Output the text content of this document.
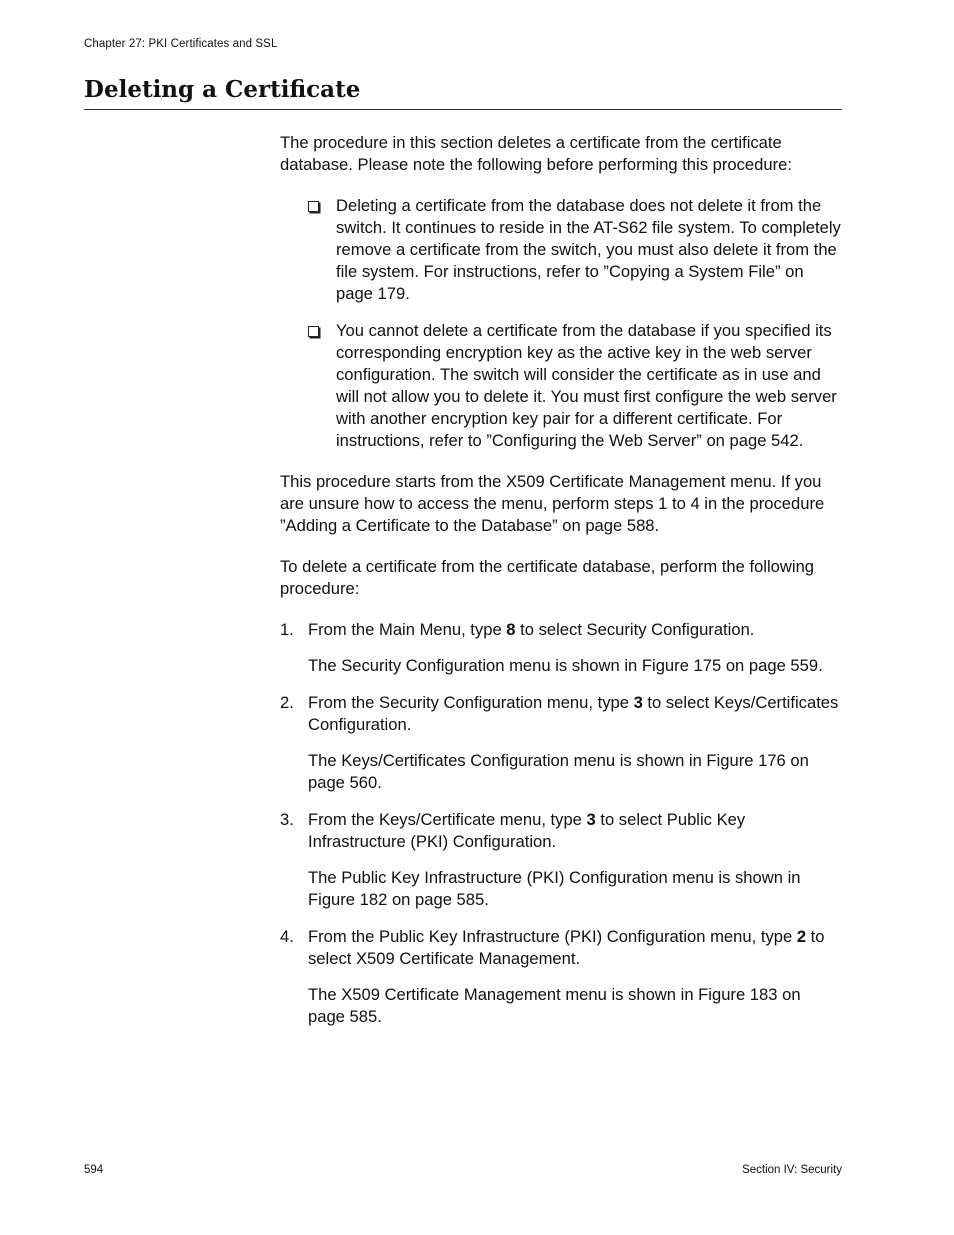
Chapter 27: PKI Certificates and SSL
Deleting a Certificate

The procedure in this section deletes a certificate from the certificate database. Please note the following before performing this procedure:

Deleting a certificate from the database does not delete it from the switch. It continues to reside in the AT-S62 file system. To completely remove a certificate from the switch, you must also delete it from the file system. For instructions, refer to ”Copying a System File” on page 179.
You cannot delete a certificate from the database if you specified its corresponding encryption key as the active key in the web server configuration. The switch will consider the certificate as in use and will not allow you to delete it. You must first configure the web server with another encryption key pair for a different certificate. For instructions, refer to ”Configuring the Web Server” on page 542.

This procedure starts from the X509 Certificate Management menu. If you are unsure how to access the menu, perform steps 1 to 4 in the procedure ”Adding a Certificate to the Database” on page 588.

To delete a certificate from the certificate database, perform the following procedure:

1. From the Main Menu, type 8 to select Security Configuration.
The Security Configuration menu is shown in Figure 175 on page 559.
2. From the Security Configuration menu, type 3 to select Keys/Certificates Configuration.
The Keys/Certificates Configuration menu is shown in Figure 176 on page 560.
3. From the Keys/Certificate menu, type 3 to select Public Key Infrastructure (PKI) Configuration.
The Public Key Infrastructure (PKI) Configuration menu is shown in Figure 182 on page 585.
4. From the Public Key Infrastructure (PKI) Configuration menu, type 2 to select X509 Certificate Management.
The X509 Certificate Management menu is shown in Figure 183 on page 585.
594	Section IV: Security
